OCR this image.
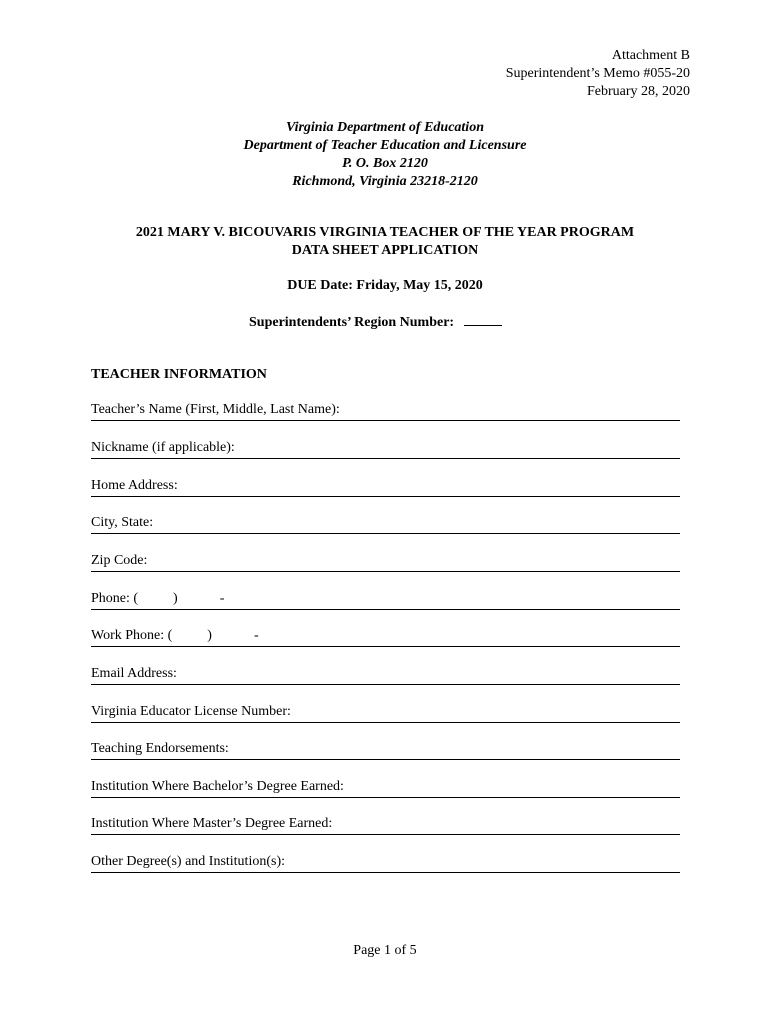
Attachment B
Superintendent’s Memo #055-20
February 28, 2020
Virginia Department of Education
Department of Teacher Education and Licensure
P. O. Box 2120
Richmond, Virginia 23218-2120
2021 MARY V. BICOUVARIS VIRGINIA TEACHER OF THE YEAR PROGRAM
DATA SHEET APPLICATION
DUE Date: Friday, May 15, 2020
Superintendents’ Region Number:
TEACHER INFORMATION
Teacher’s Name (First, Middle, Last Name):
Nickname (if applicable):
Home Address:
City, State:
Zip Code:
Phone: (          )            -
Work Phone: (          )            -
Email Address:
Virginia Educator License Number:
Teaching Endorsements:
Institution Where Bachelor’s Degree Earned:
Institution Where Master’s Degree Earned:
Other Degree(s) and Institution(s):
Page 1 of 5
